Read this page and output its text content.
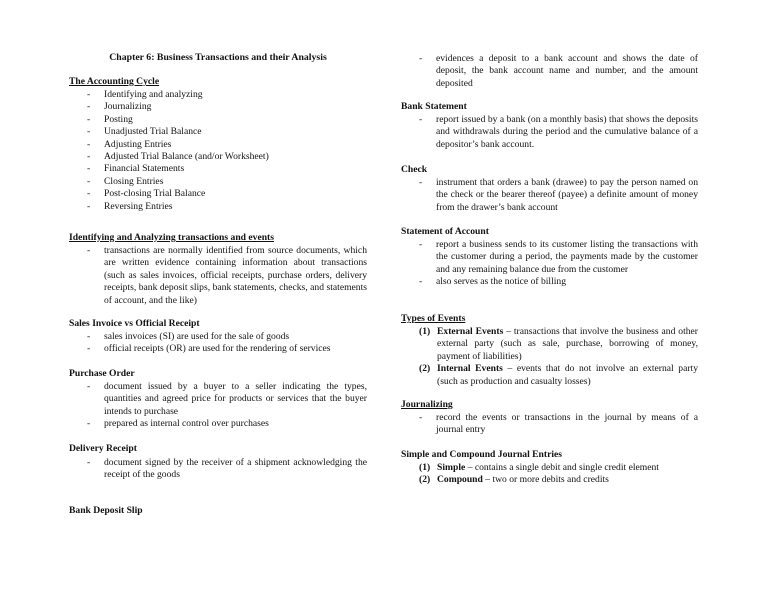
Chapter 6: Business Transactions and their Analysis
The Accounting Cycle
- Identifying and analyzing
- Journalizing
- Posting
- Unadjusted Trial Balance
- Adjusting Entries
- Adjusted Trial Balance (and/or Worksheet)
- Financial Statements
- Closing Entries
- Post-closing Trial Balance
- Reversing Entries
Identifying and Analyzing transactions and events
- transactions are normally identified from source documents, which are written evidence containing information about transactions (such as sales invoices, official receipts, purchase orders, delivery receipts, bank deposit slips, bank statements, checks, and statements of account, and the like)
Sales Invoice vs Official Receipt
- sales invoices (SI) are used for the sale of goods
- official receipts (OR) are used for the rendering of services
Purchase Order
- document issued by a buyer to a seller indicating the types, quantities and agreed price for products or services that the buyer intends to purchase
- prepared as internal control over purchases
Delivery Receipt
- document signed by the receiver of a shipment acknowledging the receipt of the goods
Bank Deposit Slip
- evidences a deposit to a bank account and shows the date of deposit, the bank account name and number, and the amount deposited
Bank Statement
- report issued by a bank (on a monthly basis) that shows the deposits and withdrawals during the period and the cumulative balance of a depositor’s bank account.
Check
- instrument that orders a bank (drawee) to pay the person named on the check or the bearer thereof (payee) a definite amount of money from the drawer’s bank account
Statement of Account
- report a business sends to its customer listing the transactions with the customer during a period, the payments made by the customer and any remaining balance due from the customer
- also serves as the notice of billing
Types of Events
(1) External Events – transactions that involve the business and other external party (such as sale, purchase, borrowing of money, payment of liabilities)
(2) Internal Events – events that do not involve an external party (such as production and casualty losses)
Journalizing
- record the events or transactions in the journal by means of a journal entry
Simple and Compound Journal Entries
(1) Simple – contains a single debit and single credit element
(2) Compound – two or more debits and credits
